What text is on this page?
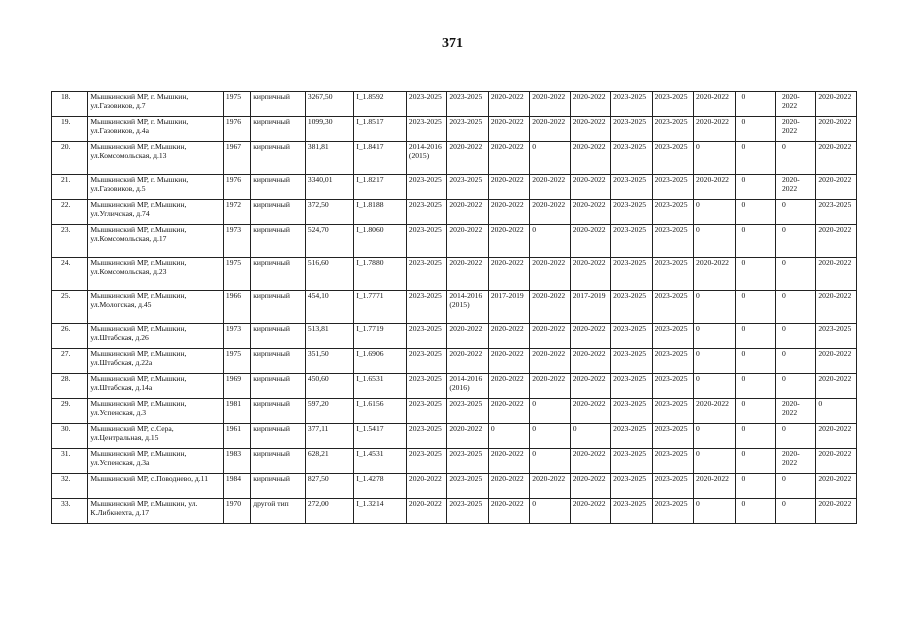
371
18.	Мышкинский МР, г. Мышкин, ул.Газовиков, д.7	1975	кирпичный	3267,50	I_1.8592	2023-2025	2023-2025	2020-2022	2020-2022	2020-2022	2023-2025	2023-2025	2020-2022	0	2020-2022	2020-2022
19.	Мышкинский МР, г. Мышкин, ул.Газовиков, д.4а	1976	кирпичный	1099,30	I_1.8517	2023-2025	2023-2025	2020-2022	2020-2022	2020-2022	2023-2025	2023-2025	2020-2022	0	2020-2022	2020-2022
20.	Мышкинский МР, г.Мышкин, ул.Комсомольская, д.13	1967	кирпичный	381,81	I_1.8417	2014-2016 (2015)	2020-2022	2020-2022	0	2020-2022	2023-2025	2023-2025	0	0	0	2020-2022
21.	Мышкинский МР, г. Мышкин, ул.Газовиков, д.5	1976	кирпичный	3340,01	I_1.8217	2023-2025	2023-2025	2020-2022	2020-2022	2020-2022	2023-2025	2023-2025	2020-2022	0	2020-2022	2020-2022
22.	Мышкинский МР, г.Мышкин, ул.Угличская, д.74	1972	кирпичный	372,50	I_1.8188	2023-2025	2020-2022	2020-2022	2020-2022	2020-2022	2023-2025	2023-2025	0	0	0	2023-2025
23.	Мышкинский МР, г.Мышкин, ул.Комсомольская, д.17	1973	кирпичный	524,70	I_1.8060	2023-2025	2020-2022	2020-2022	0	2020-2022	2023-2025	2023-2025	0	0	0	2020-2022
24.	Мышкинский МР, г.Мышкин, ул.Комсомольская, д.23	1975	кирпичный	516,60	I_1.7880	2023-2025	2020-2022	2020-2022	2020-2022	2020-2022	2023-2025	2023-2025	2020-2022	0	0	2020-2022
25.	Мышкинский МР, г.Мышкин, ул.Мологская, д.45	1966	кирпичный	454,10	I_1.7771	2023-2025	2014-2016 (2015)	2017-2019	2020-2022	2017-2019	2023-2025	2023-2025	0	0	0	2020-2022
26.	Мышкинский МР, г.Мышкин, ул.Штабская, д.26	1973	кирпичный	513,81	I_1.7719	2023-2025	2020-2022	2020-2022	2020-2022	2020-2022	2023-2025	2023-2025	0	0	0	2023-2025
27.	Мышкинский МР, г.Мышкин, ул.Штабская, д.22а	1975	кирпичный	351,50	I_1.6906	2023-2025	2020-2022	2020-2022	2020-2022	2020-2022	2023-2025	2023-2025	0	0	0	2020-2022
28.	Мышкинский МР, г.Мышкин, ул.Штабская, д.14а	1969	кирпичный	450,60	I_1.6531	2023-2025	2014-2016 (2016)	2020-2022	2020-2022	2020-2022	2023-2025	2023-2025	0	0	0	2020-2022
29.	Мышкинский МР, г.Мышкин, ул.Успенская, д.3	1981	кирпичный	597,20	I_1.6156	2023-2025	2023-2025	2020-2022	0	2020-2022	2023-2025	2023-2025	2020-2022	0	2020-2022	0
30.	Мышкинский МР, с.Сера, ул.Центральная, д.15	1961	кирпичный	377,11	I_1.5417	2023-2025	2020-2022	0	0	0	2023-2025	2023-2025	0	0	0	2020-2022
31.	Мышкинский МР, г.Мышкин, ул.Успенская, д.3а	1983	кирпичный	628,21	I_1.4531	2023-2025	2023-2025	2020-2022	0	2020-2022	2023-2025	2023-2025	0	0	2020-2022	2020-2022
32.	Мышкинский МР, с.Поводнево, д.11	1984	кирпичный	827,50	I_1.4278	2020-2022	2023-2025	2020-2022	2020-2022	2020-2022	2023-2025	2023-2025	2020-2022	0	0	2020-2022
33.	Мышкинский МР, г.Мышкин, ул. К.Либкнехта, д.17	1970	другой тип	272,00	I_1.3214	2020-2022	2023-2025	2020-2022	0	2020-2022	2023-2025	2023-2025	0	0	0	2020-2022
